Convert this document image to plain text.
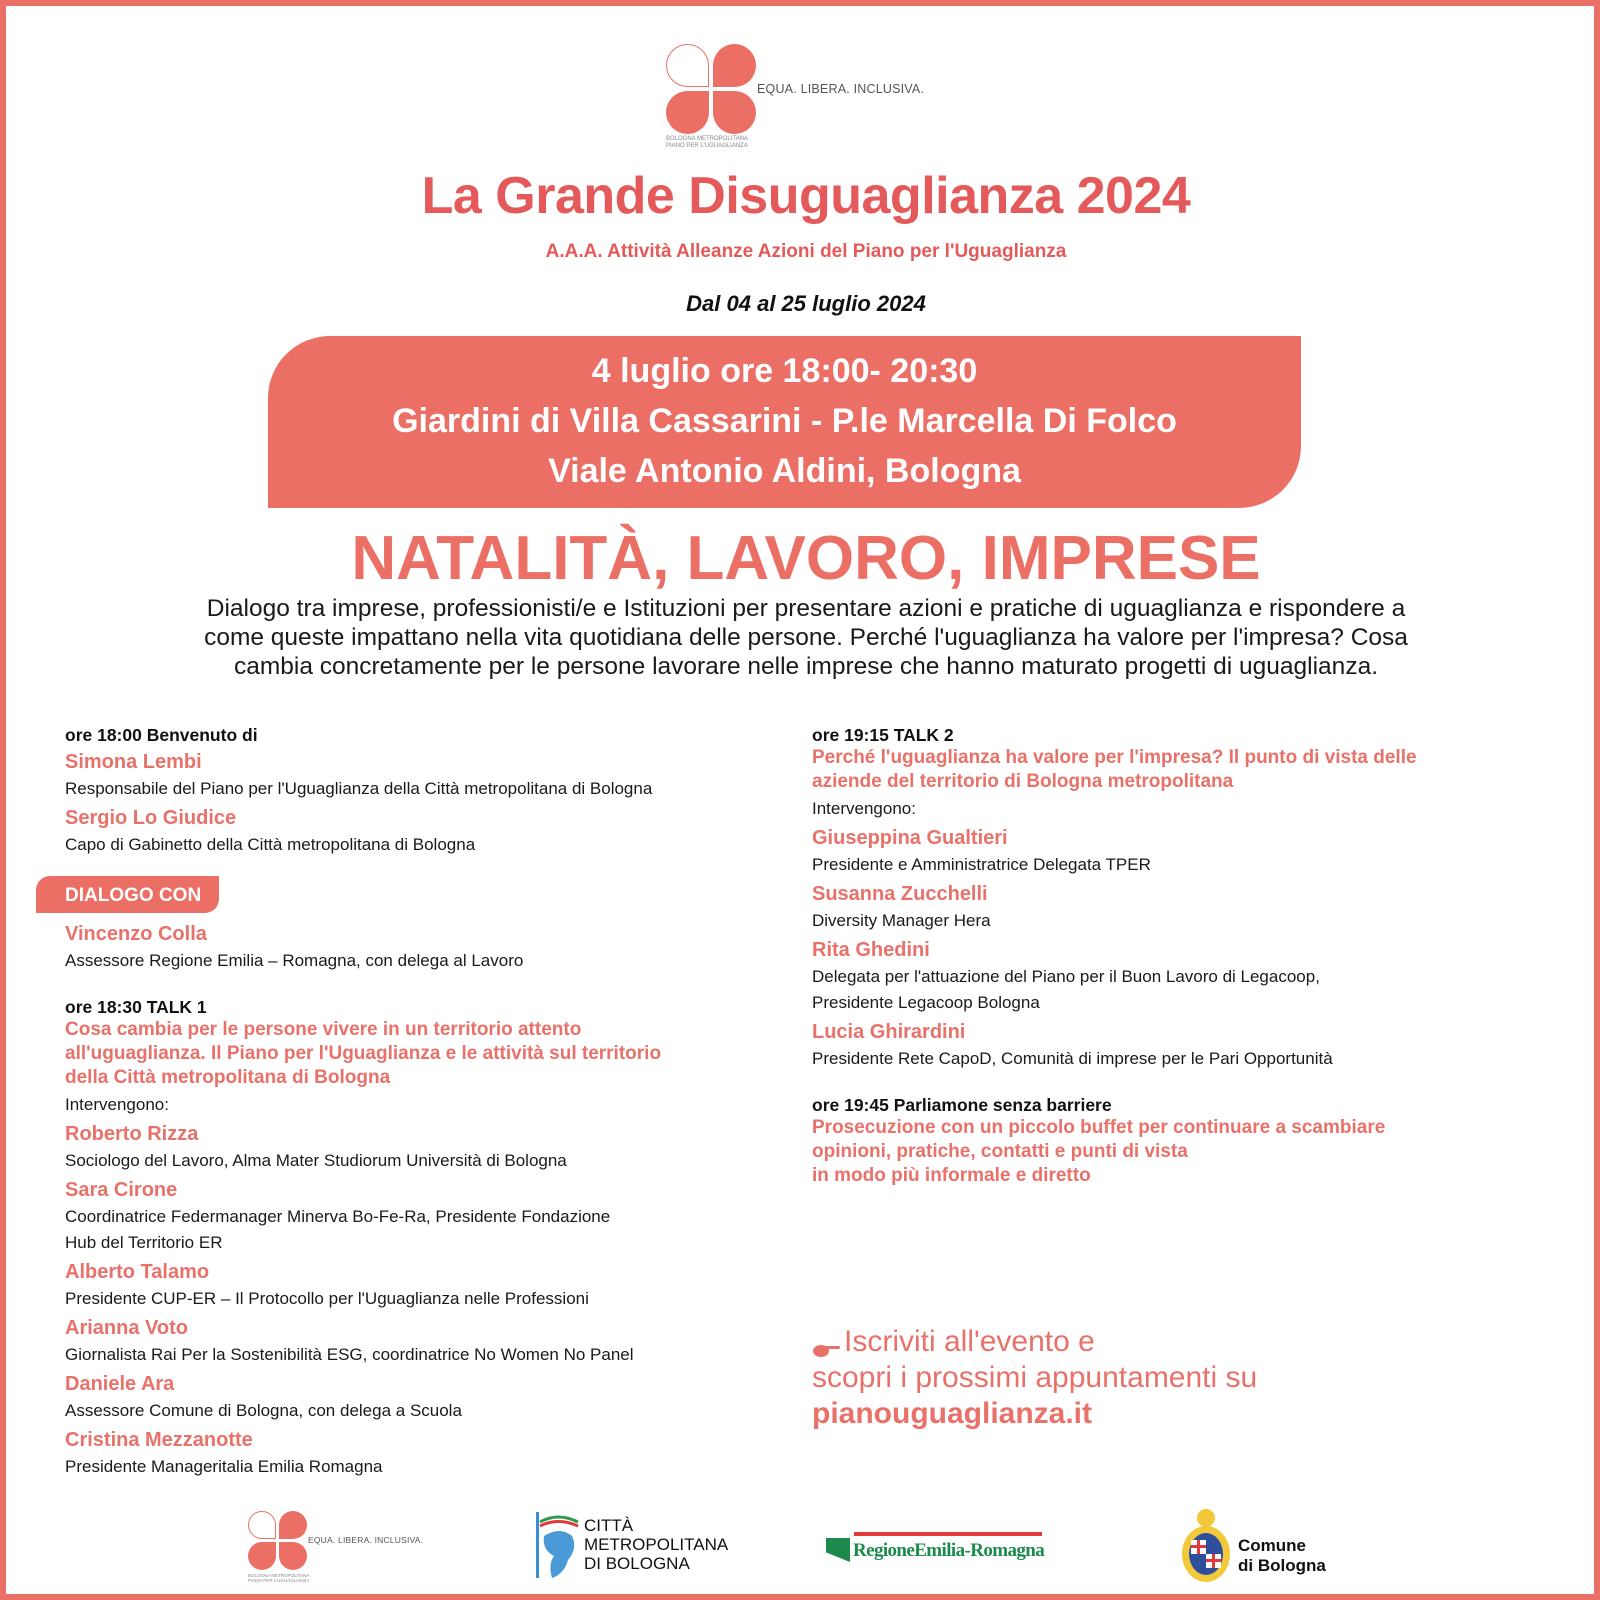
EQUA. LIBERA. INCLUSIVA.
BOLOGNA METROPOLITANA
PIANO PER L'UGUAGLIANZA
La Grande Disuguaglianza 2024
A.A.A. Attività Alleanze Azioni del Piano per l'Uguaglianza
Dal 04 al 25 luglio 2024
4 luglio ore 18:00- 20:30
Giardini di Villa Cassarini - P.le Marcella Di Folco
Viale Antonio Aldini, Bologna
NATALITÀ, LAVORO, IMPRESE
Dialogo tra imprese, professionisti/e e Istituzioni per presentare azioni e pratiche di uguaglianza e rispondere a
come queste impattano nella vita quotidiana delle persone. Perché l'uguaglianza ha valore per l'impresa? Cosa
cambia concretamente per le persone lavorare nelle imprese che hanno maturato progetti di uguaglianza.
ore 18:00 Benvenuto di
Simona Lembi
Responsabile del Piano per l'Uguaglianza della Città metropolitana di Bologna
Sergio Lo Giudice
Capo di Gabinetto della Città metropolitana di Bologna
Vincenzo Colla
Assessore Regione Emilia – Romagna, con delega al Lavoro
ore 18:30 TALK 1
Cosa cambia per le persone vivere in un territorio attento
all'uguaglianza. Il Piano per l'Uguaglianza e le attività sul territorio
della Città metropolitana di Bologna
Intervengono:
Roberto Rizza
Sociologo del Lavoro, Alma Mater Studiorum Università di Bologna
Sara Cirone
Coordinatrice Federmanager Minerva Bo-Fe-Ra, Presidente Fondazione
Hub del Territorio ER
Alberto Talamo
Presidente CUP-ER – Il Protocollo per l'Uguaglianza nelle Professioni
Arianna Voto
Giornalista Rai Per la Sostenibilità ESG, coordinatrice No Women No Panel
Daniele Ara
Assessore Comune di Bologna, con delega a Scuola
Cristina Mezzanotte
Presidente Manageritalia Emilia Romagna
DIALOGO CON
ore 19:15 TALK 2
Perché l'uguaglianza ha valore per l'impresa? Il punto di vista delle
aziende del territorio di Bologna metropolitana
Intervengono:
Giuseppina Gualtieri
Presidente e Amministratrice Delegata TPER
Susanna Zucchelli
Diversity Manager Hera
Rita Ghedini
Delegata per l'attuazione del Piano per il Buon Lavoro di Legacoop,
Presidente Legacoop Bologna
Lucia Ghirardini
Presidente Rete CapoD, Comunità di imprese per le Pari Opportunità
ore 19:45 Parliamone senza barriere
Prosecuzione con un piccolo buffet per continuare a scambiare
opinioni, pratiche, contatti e punti di vista
in modo più informale e diretto
Iscriviti all'evento e
scopri i prossimi appuntamenti su
pianouguaglianza.it
EQUA. LIBERA. INCLUSIVA.
BOLOGNA METROPOLITANA
PIANO PER L'UGUAGLIANZA
CITTÀ
METROPOLITANA
DI BOLOGNA
RegioneEmilia-Romagna	Comune
di Bologna
